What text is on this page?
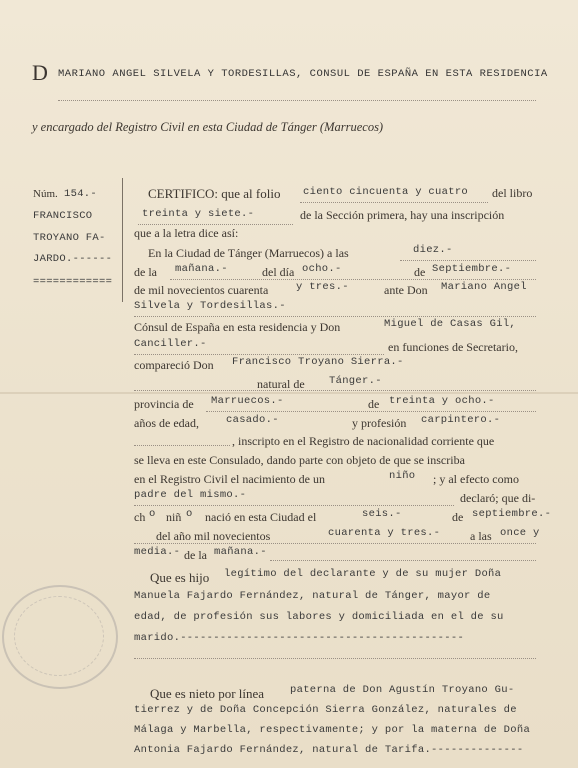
D MARIANO ANGEL SILVELA Y TORDESILLAS, CONSUL DE ESPAÑA EN ESTA RESIDENCIA
y encargado del Registro Civil en esta Ciudad de Tánger (Marruecos)
Núm. 154.-
FRANCISCO
TROYANO FA-
JARDO.------
============
CERTIFICO: que al folio ciento cincuenta y cuatro del libro
treinta y siete.-	de la Sección primera, hay una inscripción
que a la letra dice así:
En la Ciudad de Tánger (Marruecos) a las	diez.-
de la mañana.-	del día ocho.-	de Septiembre.-
de mil novecientos cuarenta	y tres.-	ante Don Mariano Angel
Silvela y Tordesillas.-
Cónsul de España en esta residencia y Don	Miguel de Casas Gil,
Canciller.-	en funciones de Secretario,
compareció Don Francisco Troyano Sierra.-
natural de Tánger.-
provincia de Marruecos.-	de treinta y ocho.-
años de edad,	casado.-	y profesión carpintero.-
, inscripto en el Registro de nacionalidad corriente que
se lleva en este Consulado, dando parte con objeto de que se inscriba
en el Registro Civil el nacimiento de un	niño ; y al efecto como
padre del mismo.-	declaró; que di-
ch o niñ o nació en esta Ciudad el	seis.-	de septiembre.-
del año mil novecientos	cuarenta y tres.- a las once y
media.- de la mañana.-
Que es hijo legítimo del declarante y de su mujer Doña
Manuela Fajardo Fernández, natural de Tánger, mayor de
edad, de profesión sus labores y domiciliada en el de su
marido.-------------------------------------------
Que es nieto por línea paterna de Don Agustín Troyano Gu-
tierrez y de Doña Concepción Sierra González, naturales de
Málaga y Marbella, respectivamente; y por la materna de Doña
Antonia Fajardo Fernández, natural de Tarifa.--------------
